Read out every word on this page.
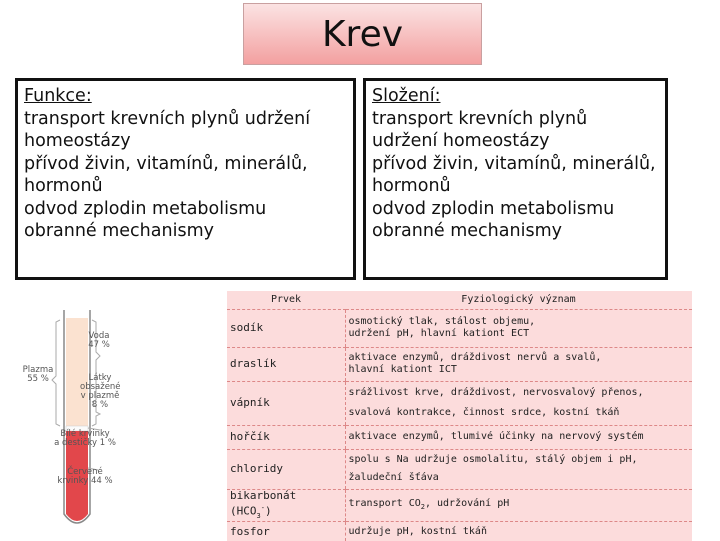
Krev
Funkce:
transport krevních plynů udržení
homeostázy
přívod živin, vitamínů, minerálů,
hormonů
odvod zplodin metabolismu
obranné mechanismy
Složení:
transport krevních plynů
udržení homeostázy
přívod živin, vitamínů, minerálů,
hormonů
odvod zplodin metabolismu
obranné mechanismy
Voda
47 %
Plazma
55 %	Látky
obsažené
v plazmě
8 %
Bílé krvinky
a destičky 1 %
Červené
krvinky 44 %
Prvek	Fyziologický význam
sodík	osmotický tlak, stálost objemu,
udržení pH, hlavní kationt ECT

draslík	aktivace enzymů, dráždivost nervů a svalů,
hlavní kationt ICT

vápník	srážlivost krve, dráždivost, nervosvalový přenos,
svalová kontrakce, činnost srdce, kostní tkáň

hořčík	aktivace enzymů, tlumivé účinky na nervový systém

chloridy	spolu s Na udržuje osmolalitu, stálý objem i pH,
žaludeční šťáva

bikarbonát $(HCO_3^-)$	transport $CO_2$, udržování pH
fosfor	udržuje pH, kostní tkáň
